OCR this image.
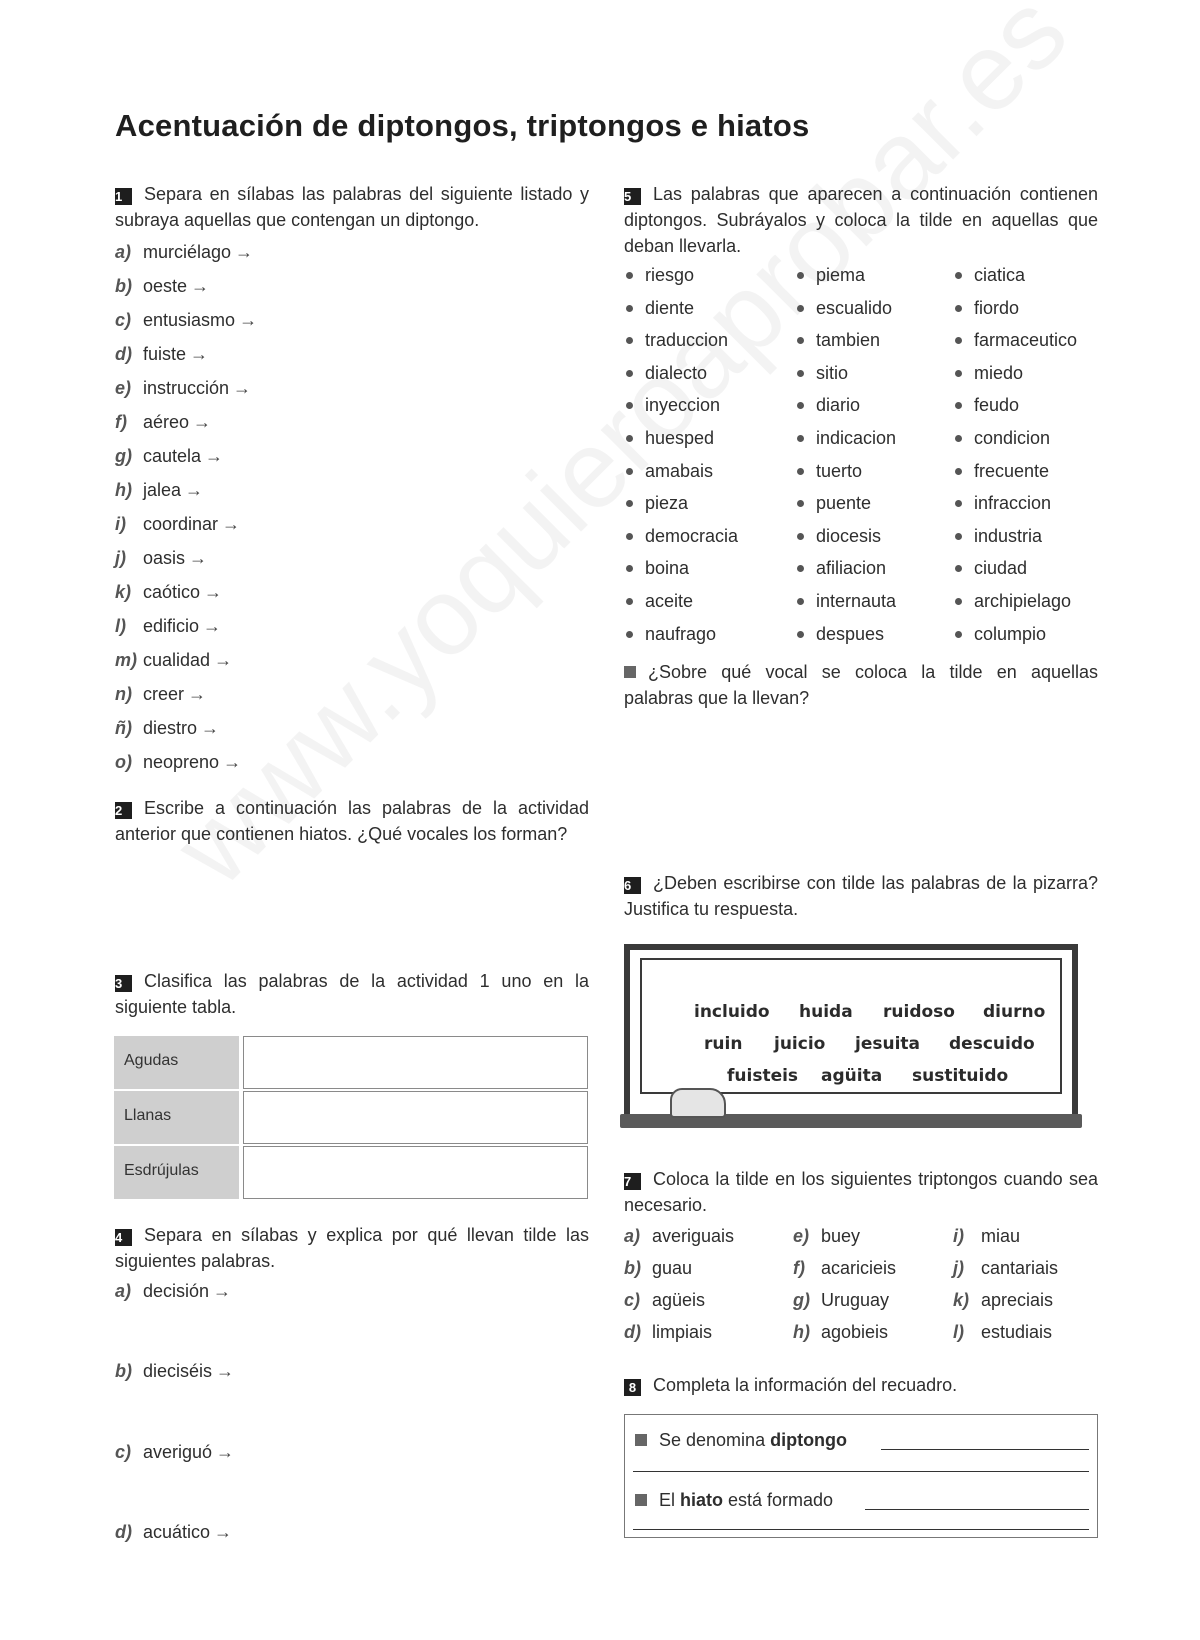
Acentuación de diptongos, triptongos e hiatos
1 Separa en sílabas las palabras del siguiente listado y subraya aquellas que contengan un diptongo.
a) murciélago →
b) oeste →
c) entusiasmo →
d) fuiste →
e) instrucción →
f) aéreo →
g) cautela →
h) jalea →
i) coordinar →
j) oasis →
k) caótico →
l) edificio →
m) cualidad →
n) creer →
ñ) diestro →
o) neopreno →
2 Escribe a continuación las palabras de la actividad anterior que contienen hiatos. ¿Qué vocales los forman?
3 Clasifica las palabras de la actividad 1 uno en la siguiente tabla.
Agudas
Llanas
Esdrújulas
4 Separa en sílabas y explica por qué llevan tilde las siguientes palabras.
a) decisión →
b) dieciséis →
c) averiguó →
d) acuático →
5 Las palabras que aparecen a continuación contienen diptongos. Subráyalos y coloca la tilde en aquellas que deban llevarla.
riesgo
diente
traduccion
dialecto
inyeccion
huesped
amabais
pieza
democracia
boina
aceite
naufrago
piema
escualido
tambien
sitio
diario
indicacion
tuerto
puente
diocesis
afiliacion
internauta
despues
ciatica
fiordo
farmaceutico
miedo
feudo
condicion
frecuente
infraccion
industria
ciudad
archipielago
columpio
¿Sobre qué vocal se coloca la tilde en aquellas palabras que la llevan?
6 ¿Deben escribirse con tilde las palabras de la pizarra? Justifica tu respuesta.
incluido huida ruidoso diurno
ruin juicio jesuita descuido
fuisteis agüita sustituido
7 Coloca la tilde en los siguientes triptongos cuando sea necesario.
a) averiguais
b) guau
c) agüeis
d) limpiais
e) buey
f) acaricieis
g) Uruguay
h) agobieis
i) miau
j) cantariais
k) apreciais
l) estudiais
8 Completa la información del recuadro.
Se denomina diptongo
El hiato está formado
